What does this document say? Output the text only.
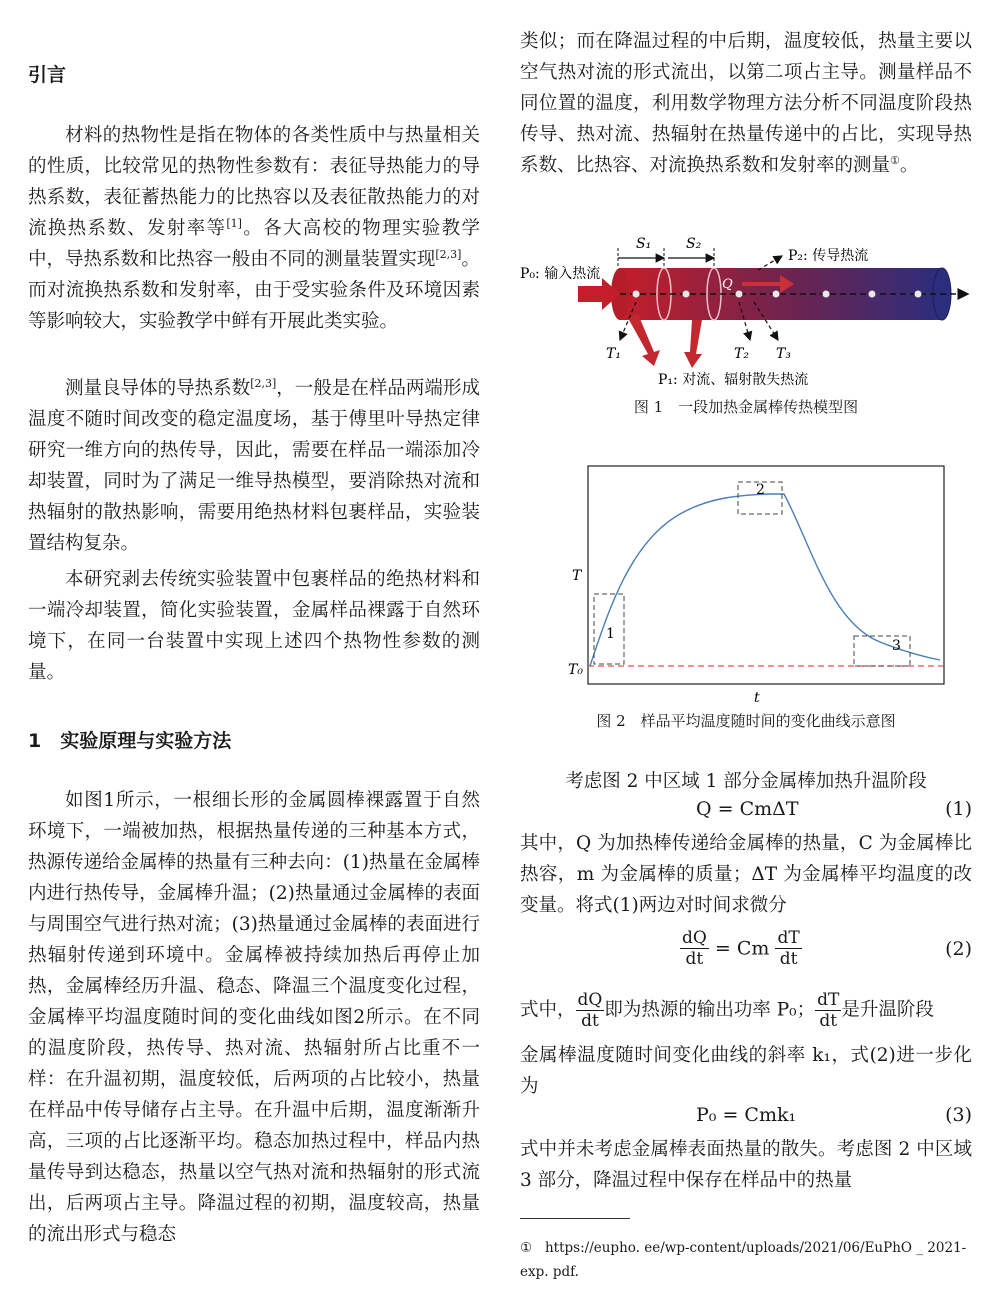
引言

材料的热物性是指在物体的各类性质中与热量相关的性质，比较常见的热物性参数有：表征导热能力的导热系数，表征蓄热能力的比热容以及表征散热能力的对流换热系数、发射率等[1]。各大高校的物理实验教学中，导热系数和比热容一般由不同的测量装置实现[2,3]。而对流换热系数和发射率，由于受实验条件及环境因素等影响较大，实验教学中鲜有开展此类实验。

测量良导体的导热系数[2,3]，一般是在样品两端形成温度不随时间改变的稳定温度场，基于傅里叶导热定律研究一维方向的热传导，因此，需要在样品一端添加冷却装置，同时为了满足一维导热模型，要消除热对流和热辐射的散热影响，需要用绝热材料包裹样品，实验装置结构复杂。

本研究剥去传统实验装置中包裹样品的绝热材料和一端冷却装置，简化实验装置，金属样品裸露于自然环境下，在同一台装置中实现上述四个热物性参数的测量。

1　实验原理与实验方法

如图1所示，一根细长形的金属圆棒裸露置于自然环境下，一端被加热，根据热量传递的三种基本方式，热源传递给金属棒的热量有三种去向：(1)热量在金属棒内进行热传导，金属棒升温；(2)热量通过金属棒的表面与周围空气进行热对流；(3)热量通过金属棒的表面进行热辐射传递到环境中。金属棒被持续加热后再停止加热，金属棒经历升温、稳态、降温三个温度变化过程，金属棒平均温度随时间的变化曲线如图2所示。在不同的温度阶段，热传导、热对流、热辐射所占比重不一样：在升温初期，温度较低，后两项的占比较小，热量在样品中传导储存占主导。在升温中后期，温度渐渐升高，三项的占比逐渐平均。稳态加热过程中，样品内热量传导到达稳态，热量以空气热对流和热辐射的形式流出，后两项占主导。降温过程的初期，温度较高，热量的流出形式与稳态

类似；而在降温过程的中后期，温度较低，热量主要以空气热对流的形式流出，以第二项占主导。测量样品不同位置的温度，利用数学物理方法分析不同温度阶段热传导、热对流、热辐射在热量传递中的占比，实现导热系数、比热容、对流换热系数和发射率的测量①。

S₁ S₂
P₀: 输入热流
Q
P₂: 传导热流
P₁: 对流、辐射散失热流
T₁	T₂ T₃
图 1　一段加热金属棒传热模型图
1
2
3
T
T₀
t
图 2　样品平均温度随时间的变化曲线示意图

考虑图 2 中区域 1 部分金属棒加热升温阶段

Q = CmΔT	(1)

其中，Q 为加热棒传递给金属棒的热量，C 为金属棒比热容，m 为金属棒的质量；ΔT 为金属棒平均温度的改变量。将式(1)两边对时间求微分

$\frac{dQ}{dt} = Cm \frac{dT}{dt}$	(2)

式中， $\frac{dQ}{dt}$ 即为热源的输出功率 P₀； $\frac{dT}{dt}$ 是升温阶段

金属棒温度随时间变化曲线的斜率 k₁，式(2)进一步化为

P₀ = Cmk₁	(3)

式中并未考虑金属棒表面热量的散失。考虑图 2 中区域 3 部分，降温过程中保存在样品中的热量

① https://eupho. ee/wp-content/uploads/2021/06/EuPhO _ 2021-exp. pdf.
